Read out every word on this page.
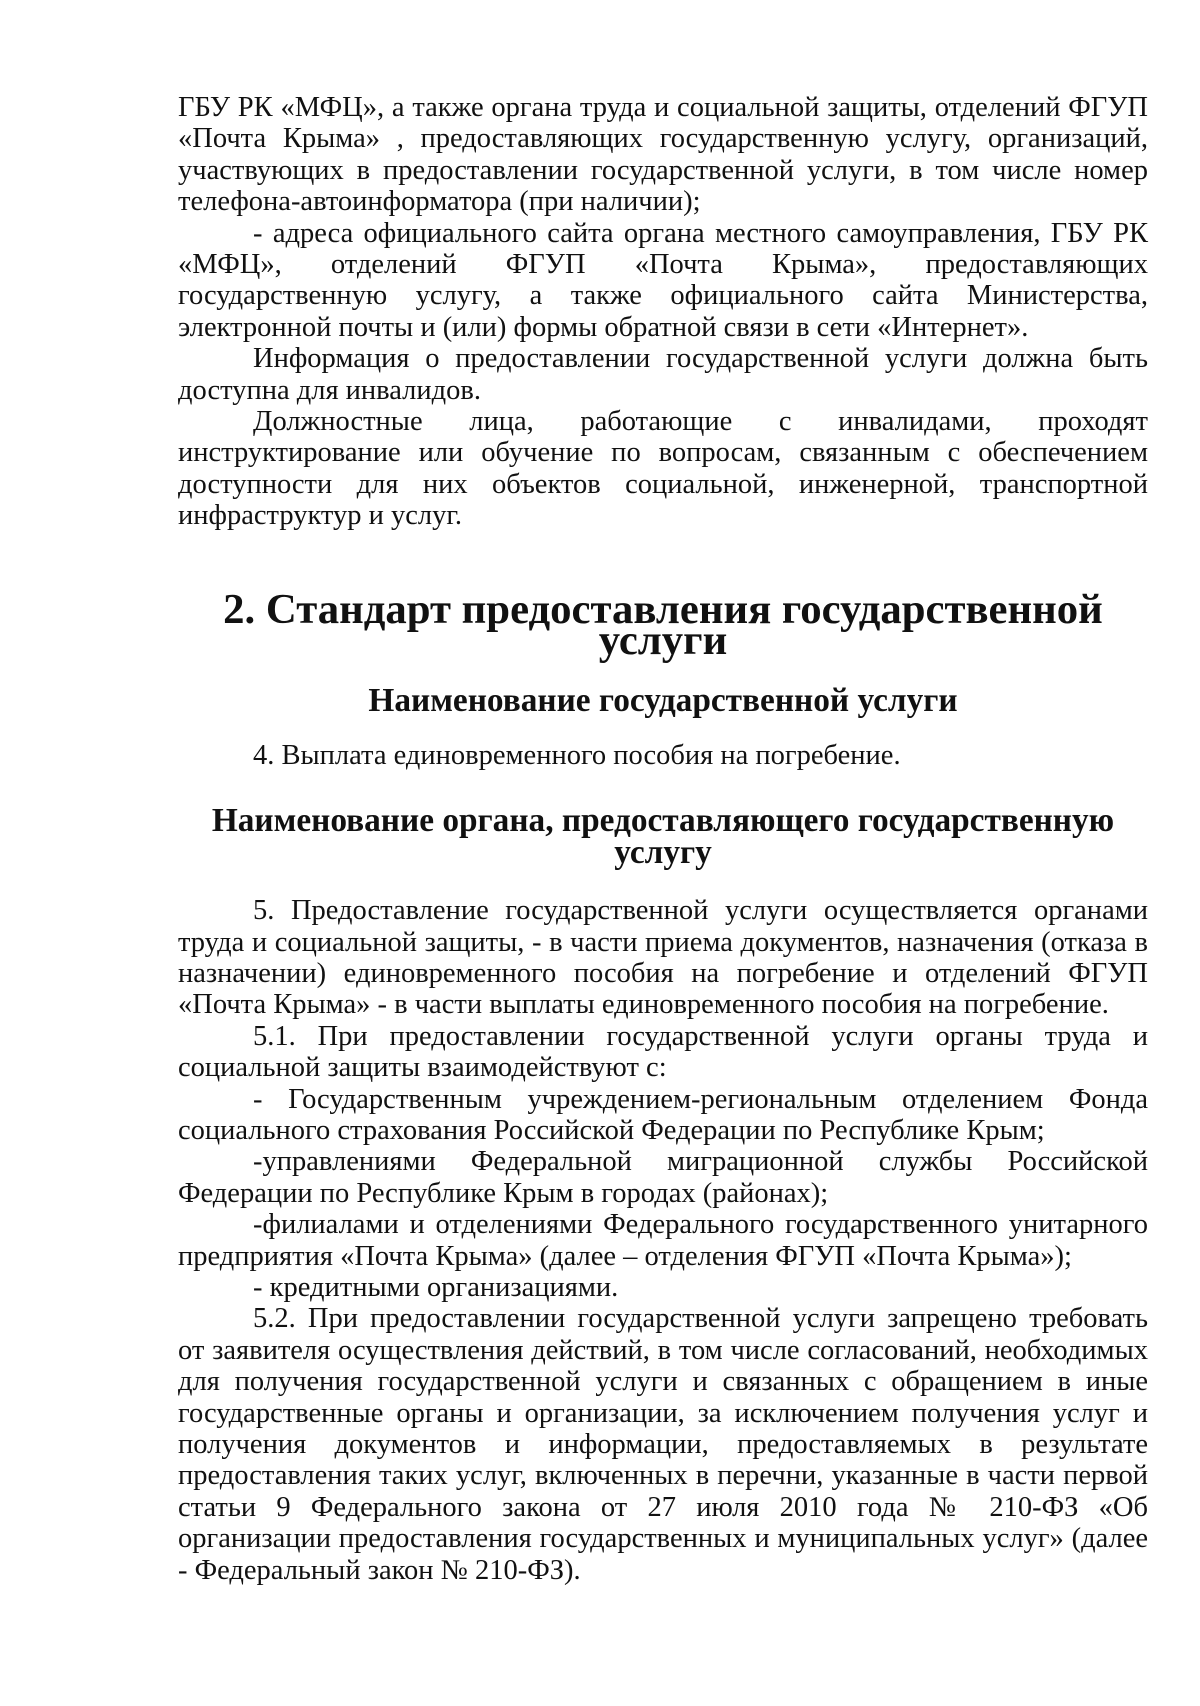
ГБУ РК «МФЦ», а также органа труда и социальной защиты, отделений ФГУП «Почта Крыма» , предоставляющих государственную услугу, организаций, участвующих в предоставлении государственной услуги, в том числе номер телефона-автоинформатора (при наличии);

- адреса официального сайта органа местного самоуправления, ГБУ РК «МФЦ», отделений ФГУП «Почта Крыма», предоставляющих государственную услугу, а также официального сайта Министерства, электронной почты и (или) формы обратной связи в сети «Интернет».

Информация о предоставлении государственной услуги должна быть доступна для инвалидов.

Должностные лица, работающие с инвалидами, проходят инструктирование или обучение по вопросам, связанным с обеспечением доступности для них объектов социальной, инженерной, транспортной инфраструктур и услуг.

2. Стандарт предоставления государственной услуги
Наименование государственной услуги

4. Выплата единовременного пособия на погребение.

Наименование органа, предоставляющего государственную услугу

5. Предоставление государственной услуги осуществляется органами труда и социальной защиты, - в части приема документов, назначения (отказа в назначении) единовременного пособия на погребение и отделений ФГУП «Почта Крыма» - в части выплаты единовременного пособия на погребение.

5.1. При предоставлении государственной услуги органы труда и социальной защиты взаимодействуют с:

- Государственным учреждением-региональным отделением Фонда социального страхования Российской Федерации по Республике Крым;

-управлениями Федеральной миграционной службы Российской Федерации по Республике Крым в городах (районах);

-филиалами и отделениями Федерального государственного унитарного предприятия «Почта Крыма» (далее – отделения ФГУП «Почта Крыма»);

- кредитными организациями.

5.2. При предоставлении государственной услуги запрещено требовать от заявителя осуществления действий, в том числе согласований, необходимых для получения государственной услуги и связанных с обращением в иные государственные органы и организации, за исключением получения услуг и получения документов и информации, предоставляемых в результате предоставления таких услуг, включенных в перечни, указанные в части первой статьи 9 Федерального закона от 27 июля 2010 года № 210-ФЗ «Об организации предоставления государственных и муниципальных услуг» (далее - Федеральный закон № 210-ФЗ).
